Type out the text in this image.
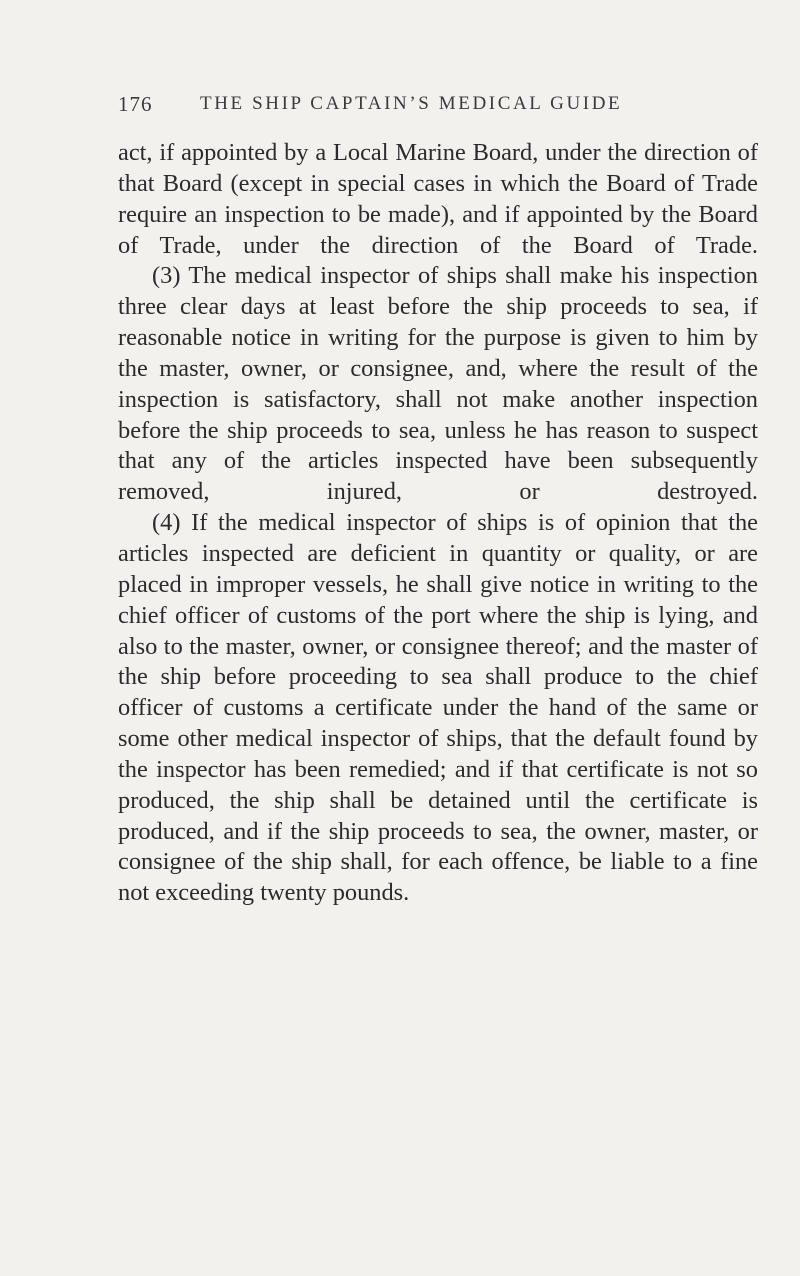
176	THE SHIP CAPTAIN’S MEDICAL GUIDE

act, if appointed by a Local Marine Board, under the direction of that Board (except in special cases in which the Board of Trade require an inspection to be made), and if appointed by the Board of Trade, under the direction of the Board of Trade.

(3) The medical inspector of ships shall make his inspection three clear days at least before the ship proceeds to sea, if reasonable notice in writing for the purpose is given to him by the master, owner, or consignee, and, where the result of the inspection is satisfactory, shall not make another inspection before the ship proceeds to sea, unless he has reason to suspect that any of the articles inspected have been subsequently removed, injured, or destroyed.

(4) If the medical inspector of ships is of opinion that the articles inspected are deficient in quantity or quality, or are placed in improper vessels, he shall give notice in writing to the chief officer of customs of the port where the ship is lying, and also to the master, owner, or consignee thereof; and the master of the ship before proceeding to sea shall produce to the chief officer of customs a certificate under the hand of the same or some other medical inspector of ships, that the default found by the inspector has been remedied; and if that certificate is not so produced, the ship shall be detained until the certificate is produced, and if the ship proceeds to sea, the owner, master, or consignee of the ship shall, for each offence, be liable to a fine not exceeding twenty pounds.
